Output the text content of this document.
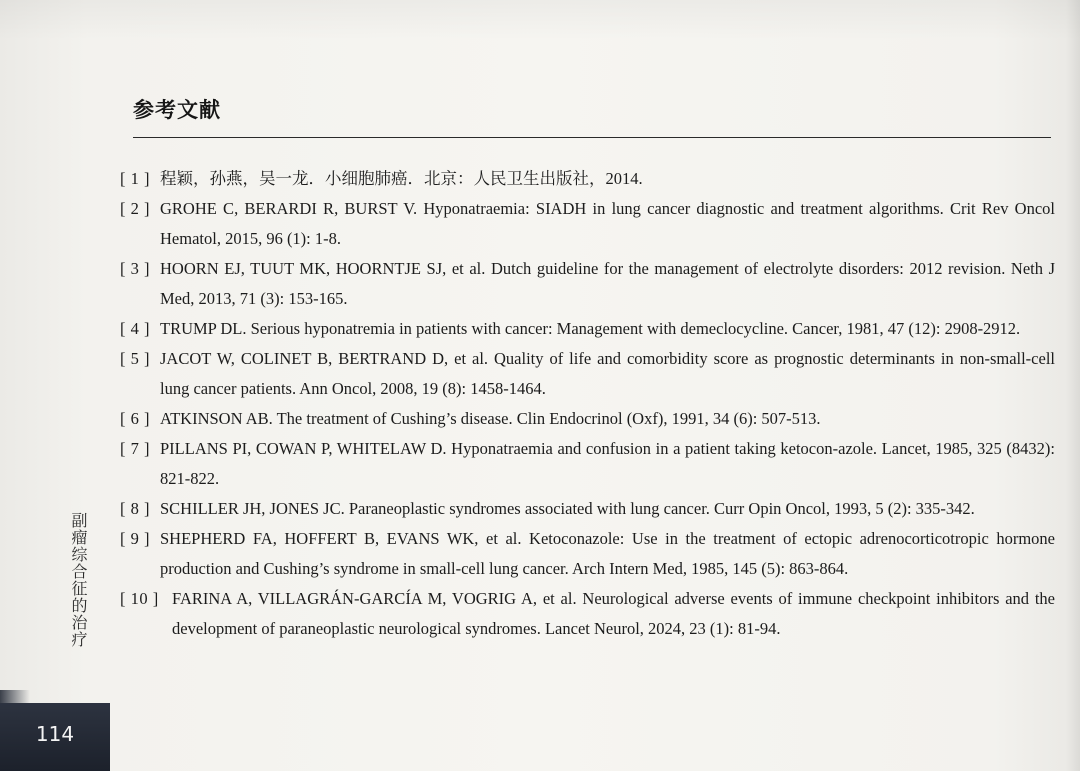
参考文献
[ 1 ] 程颖，孙燕，吴一龙．小细胞肺癌．北京：人民卫生出版社，2014.
[ 2 ] GROHE C, BERARDI R, BURST V. Hyponatraemia: SIADH in lung cancer diagnostic and treatment algorithms. Crit Rev Oncol Hematol, 2015, 96 (1): 1-8.
[ 3 ] HOORN EJ, TUUT MK, HOORNTJE SJ, et al. Dutch guideline for the management of electrolyte disorders: 2012 revision. Neth J Med, 2013, 71 (3): 153-165.
[ 4 ] TRUMP DL. Serious hyponatremia in patients with cancer: Management with demeclocycline. Cancer, 1981, 47 (12): 2908-2912.
[ 5 ] JACOT W, COLINET B, BERTRAND D, et al. Quality of life and comorbidity score as prognostic determinants in non-small-cell lung cancer patients. Ann Oncol, 2008, 19 (8): 1458-1464.
[ 6 ] ATKINSON AB. The treatment of Cushing’s disease. Clin Endocrinol (Oxf), 1991, 34 (6): 507-513.
[ 7 ] PILLANS PI, COWAN P, WHITELAW D. Hyponatraemia and confusion in a patient taking ketocon-azole. Lancet, 1985, 325 (8432): 821-822.
[ 8 ] SCHILLER JH, JONES JC. Paraneoplastic syndromes associated with lung cancer. Curr Opin Oncol, 1993, 5 (2): 335-342.
[ 9 ] SHEPHERD FA, HOFFERT B, EVANS WK, et al. Ketoconazole: Use in the treatment of ectopic adrenocorticotropic hormone production and Cushing’s syndrome in small-cell lung cancer. Arch Intern Med, 1985, 145 (5): 863-864.
[ 10 ] FARINA A, VILLAGRÁN-GARCÍA M, VOGRIG A, et al. Neurological adverse events of immune checkpoint inhibitors and the development of paraneoplastic neurological syndromes. Lancet Neurol, 2024, 23 (1): 81-94.
副瘤综合征的治疗
114
